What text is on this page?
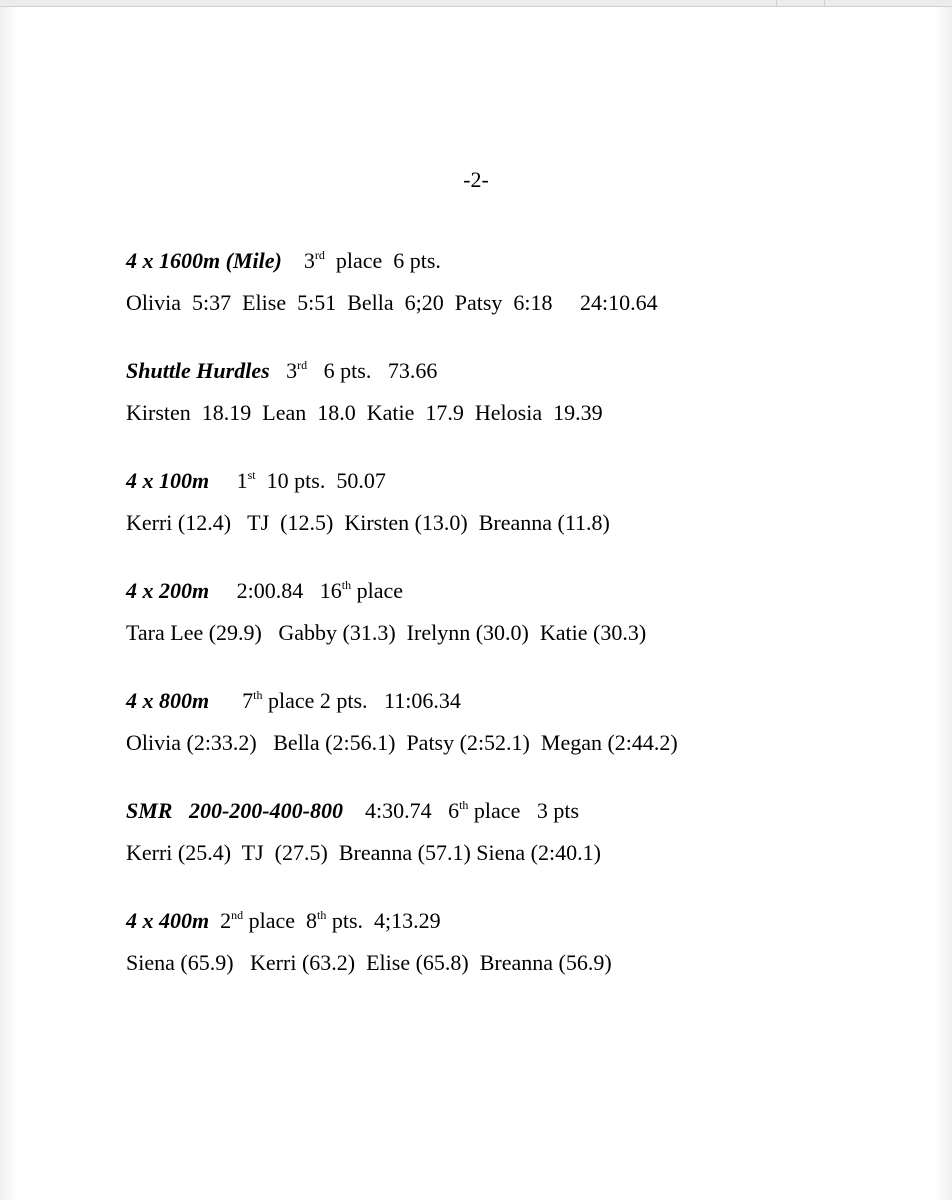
-2-
4 x 1600m (Mile)    3rd  place  6 pts.
Olivia  5:37  Elise  5:51  Bella  6;20  Patsy  6:18     24:10.64
Shuttle Hurdles   3rd   6 pts.   73.66
Kirsten  18.19  Lean  18.0  Katie  17.9  Helosia  19.39
4 x 100m     1st  10 pts.  50.07
Kerri (12.4)   TJ  (12.5)  Kirsten (13.0)  Breanna (11.8)
4 x 200m     2:00.84   16th place
Tara Lee (29.9)   Gabby (31.3)  Irelynn (30.0)  Katie (30.3)
4 x 800m      7th place 2 pts.   11:06.34
Olivia (2:33.2)   Bella (2:56.1)  Patsy (2:52.1)  Megan (2:44.2)
SMR   200-200-400-800    4:30.74   6th place   3 pts
Kerri (25.4)  TJ  (27.5)  Breanna (57.1) Siena (2:40.1)
4 x 400m  2nd place  8th pts.  4;13.29
Siena (65.9)   Kerri (63.2)  Elise (65.8)  Breanna (56.9)
